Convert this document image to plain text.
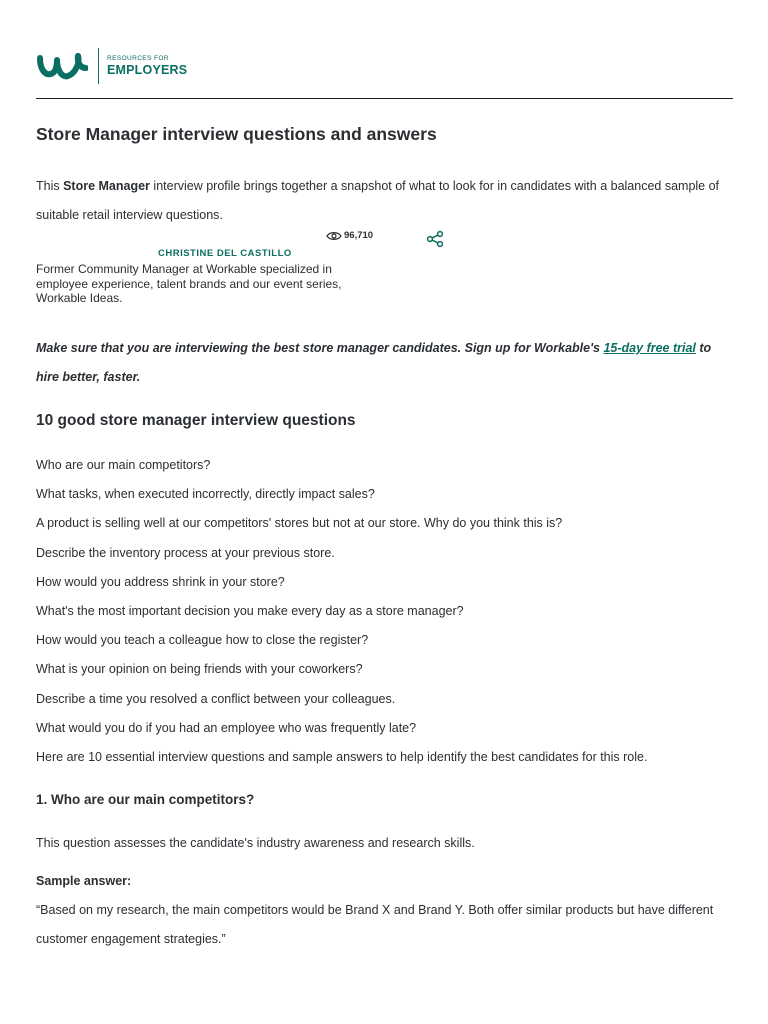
RESOURCES FOR
EMPLOYERS
Store Manager interview questions and answers

This Store Manager interview profile brings together a snapshot of what to look for in candidates with a balanced sample of suitable retail interview questions.

96,710
CHRISTINE DEL CASTILLO
Former Community Manager at Workable specialized in employee experience, talent brands and our event series, Workable Ideas.

Make sure that you are interviewing the best store manager candidates. Sign up for Workable's 15-day free trial to hire better, faster.

10 good store manager interview questions
Who are our main competitors?
What tasks, when executed incorrectly, directly impact sales?
A product is selling well at our competitors' stores but not at our store. Why do you think this is?
Describe the inventory process at your previous store.
How would you address shrink in your store?
What's the most important decision you make every day as a store manager?
How would you teach a colleague how to close the register?
What is your opinion on being friends with your coworkers?
Describe a time you resolved a conflict between your colleagues.
What would you do if you had an employee who was frequently late?
Here are 10 essential interview questions and sample answers to help identify the best candidates for this role.
1. Who are our main competitors?

This question assesses the candidate's industry awareness and research skills.

Sample answer:

“Based on my research, the main competitors would be Brand X and Brand Y. Both offer similar products but have different customer engagement strategies.”
